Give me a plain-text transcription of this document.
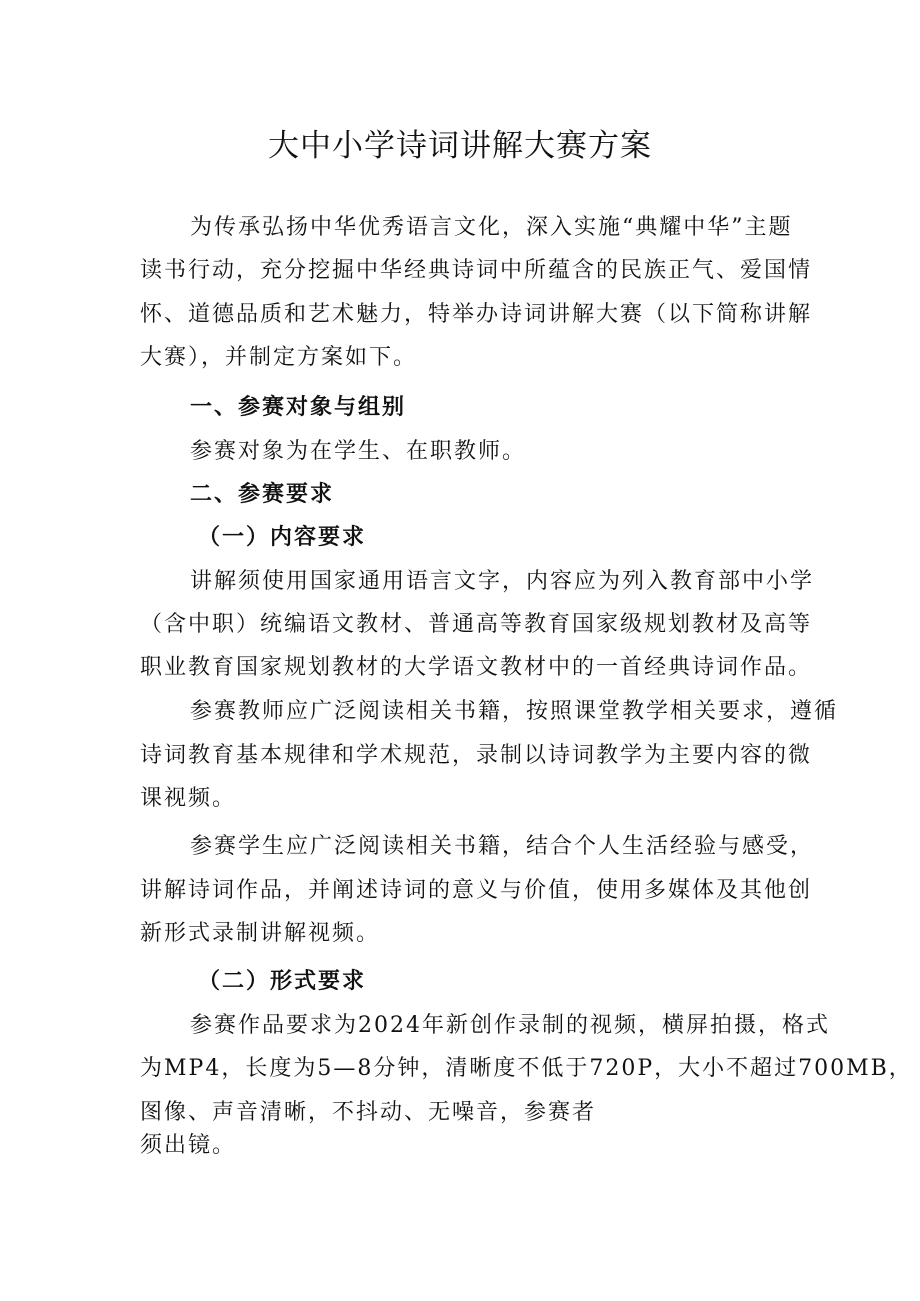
大中小学诗词讲解大赛方案

为传承弘扬中华优秀语言文化，深入实施“典耀中华”主题

读书行动，充分挖掘中华经典诗词中所蕴含的民族正气、爱国情

怀、道德品质和艺术魅力，特举办诗词讲解大赛（以下简称讲解

大赛），并制定方案如下。

一、参赛对象与组别

参赛对象为在学生、在职教师。

二、参赛要求

（一）内容要求

讲解须使用国家通用语言文字，内容应为列入教育部中小学

（含中职）统编语文教材、普通高等教育国家级规划教材及高等

职业教育国家规划教材的大学语文教材中的一首经典诗词作品。

参赛教师应广泛阅读相关书籍，按照课堂教学相关要求，遵循

诗词教育基本规律和学术规范，录制以诗词教学为主要内容的微

课视频。

参赛学生应广泛阅读相关书籍，结合个人生活经验与感受，

讲解诗词作品，并阐述诗词的意义与价值，使用多媒体及其他创

新形式录制讲解视频。

（二）形式要求

参赛作品要求为2024年新创作录制的视频，横屏拍摄，格式

为MP4，长度为5—8分钟，清晰度不低于720P，大小不超过700MB，

图像、声音清晰，不抖动、无噪音，参赛者

须出镜。
